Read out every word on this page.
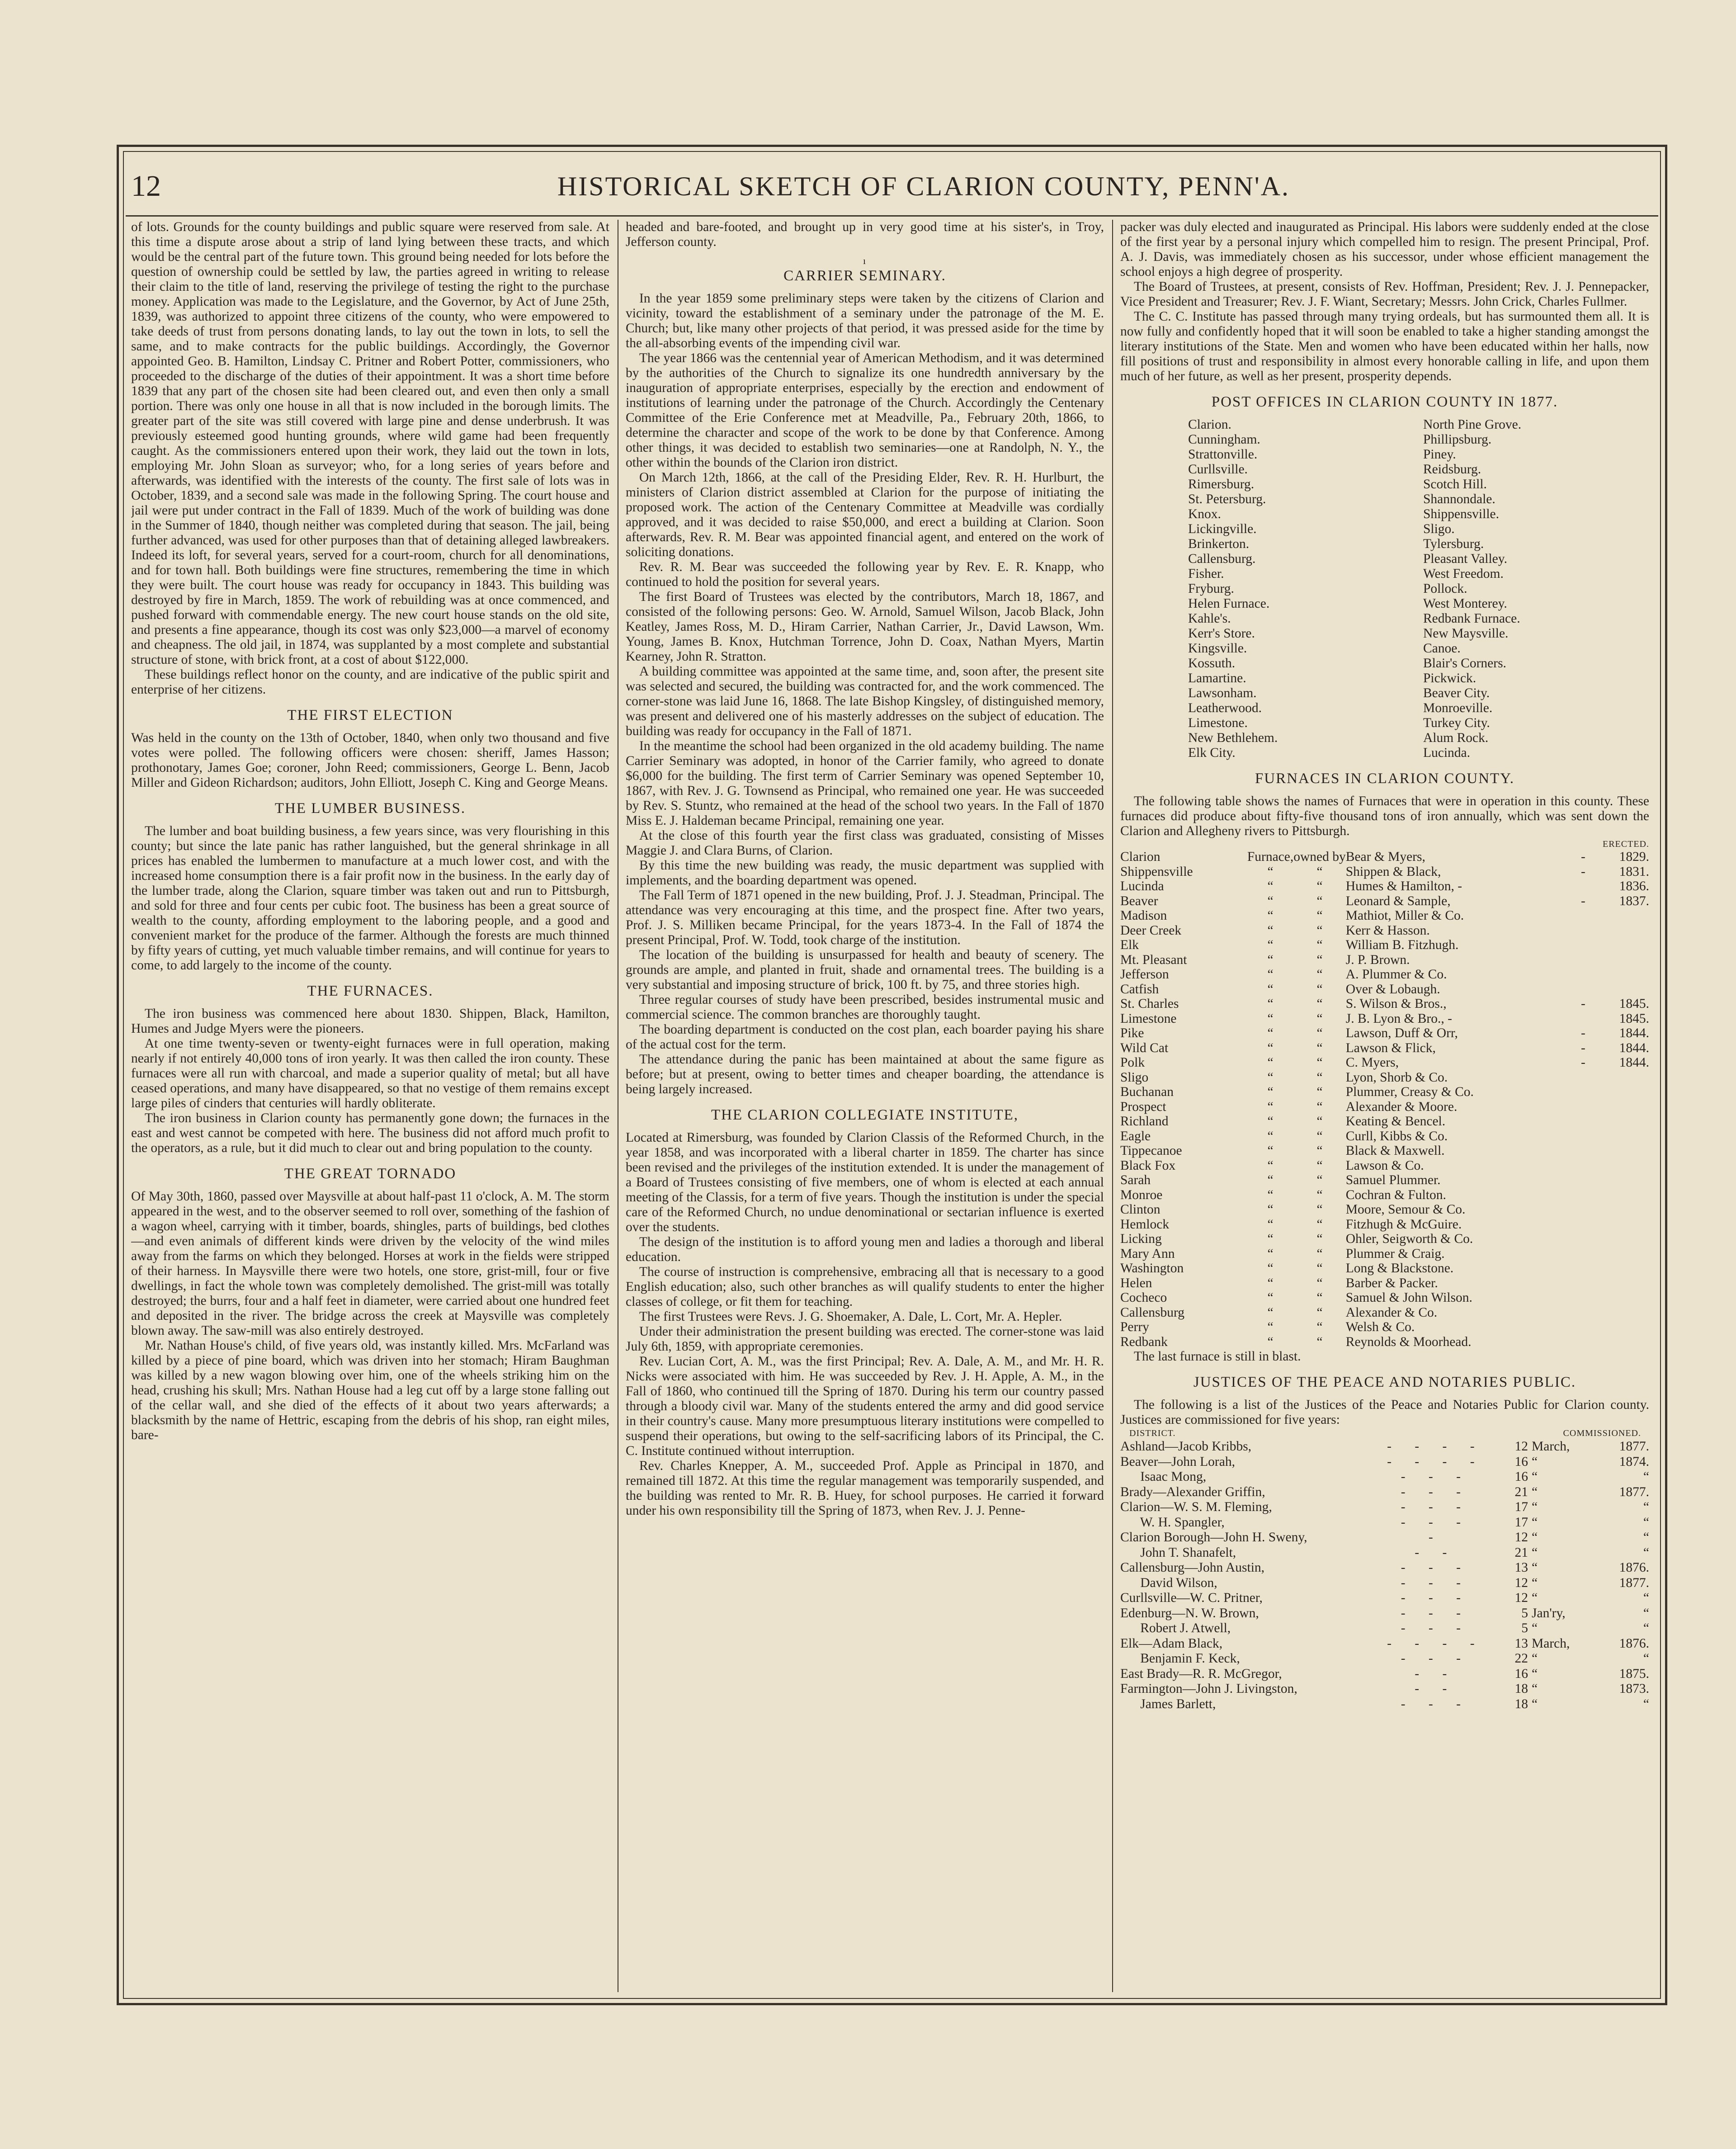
12	HISTORICAL SKETCH OF CLARION COUNTY, PENN'A.

of lots. Grounds for the county buildings and public square were reserved from sale. At this time a dispute arose about a strip of land lying between these tracts, and which would be the central part of the future town. This ground being needed for lots before the question of ownership could be settled by law, the parties agreed in writing to release their claim to the title of land, reserving the privilege of testing the right to the purchase money. Application was made to the Legislature, and the Governor, by Act of June 25th, 1839, was authorized to appoint three citizens of the county, who were empowered to take deeds of trust from persons donating lands, to lay out the town in lots, to sell the same, and to make contracts for the public buildings. Accordingly, the Governor appointed Geo. B. Hamilton, Lindsay C. Pritner and Robert Potter, commissioners, who proceeded to the discharge of the duties of their appointment. It was a short time before 1839 that any part of the chosen site had been cleared out, and even then only a small portion. There was only one house in all that is now included in the borough limits. The greater part of the site was still covered with large pine and dense underbrush. It was previously esteemed good hunting grounds, where wild game had been frequently caught. As the commissioners entered upon their work, they laid out the town in lots, employing Mr. John Sloan as surveyor; who, for a long series of years before and afterwards, was identified with the interests of the county. The first sale of lots was in October, 1839, and a second sale was made in the following Spring. The court house and jail were put under contract in the Fall of 1839. Much of the work of building was done in the Summer of 1840, though neither was completed during that season. The jail, being further advanced, was used for other purposes than that of detaining alleged lawbreakers. Indeed its loft, for several years, served for a court-room, church for all denominations, and for town hall. Both buildings were fine structures, remembering the time in which they were built. The court house was ready for occupancy in 1843. This building was destroyed by fire in March, 1859. The work of rebuilding was at once commenced, and pushed forward with commendable energy. The new court house stands on the old site, and presents a fine appearance, though its cost was only $23,000—a marvel of economy and cheapness. The old jail, in 1874, was supplanted by a most complete and substantial structure of stone, with brick front, at a cost of about $122,000.

These buildings reflect honor on the county, and are indicative of the public spirit and enterprise of her citizens.

THE FIRST ELECTION

Was held in the county on the 13th of October, 1840, when only two thousand and five votes were polled. The following officers were chosen: sheriff, James Hasson; prothonotary, James Goe; coroner, John Reed; commissioners, George L. Benn, Jacob Miller and Gideon Richardson; auditors, John Elliott, Joseph C. King and George Means.

THE LUMBER BUSINESS.

The lumber and boat building business, a few years since, was very flourishing in this county; but since the late panic has rather languished, but the general shrinkage in all prices has enabled the lumbermen to manufacture at a much lower cost, and with the increased home consumption there is a fair profit now in the business. In the early day of the lumber trade, along the Clarion, square timber was taken out and run to Pittsburgh, and sold for three and four cents per cubic foot. The business has been a great source of wealth to the county, affording employment to the laboring people, and a good and convenient market for the produce of the farmer. Although the forests are much thinned by fifty years of cutting, yet much valuable timber remains, and will continue for years to come, to add largely to the income of the county.

THE FURNACES.

The iron business was commenced here about 1830. Shippen, Black, Hamilton, Humes and Judge Myers were the pioneers.

At one time twenty-seven or twenty-eight furnaces were in full operation, making nearly if not entirely 40,000 tons of iron yearly. It was then called the iron county. These furnaces were all run with charcoal, and made a superior quality of metal; but all have ceased operations, and many have disappeared, so that no vestige of them remains except large piles of cinders that centuries will hardly obliterate.

The iron business in Clarion county has permanently gone down; the furnaces in the east and west cannot be competed with here. The business did not afford much profit to the operators, as a rule, but it did much to clear out and bring population to the county.

THE GREAT TORNADO

Of May 30th, 1860, passed over Maysville at about half-past 11 o'clock, A. M. The storm appeared in the west, and to the observer seemed to roll over, something of the fashion of a wagon wheel, carrying with it timber, boards, shingles, parts of buildings, bed clothes—and even animals of different kinds were driven by the velocity of the wind miles away from the farms on which they belonged. Horses at work in the fields were stripped of their harness. In Maysville there were two hotels, one store, grist-mill, four or five dwellings, in fact the whole town was completely demolished. The grist-mill was totally destroyed; the burrs, four and a half feet in diameter, were carried about one hundred feet and deposited in the river. The bridge across the creek at Maysville was completely blown away. The saw-mill was also entirely destroyed.

Mr. Nathan House's child, of five years old, was instantly killed. Mrs. McFarland was killed by a piece of pine board, which was driven into her stomach; Hiram Baughman was killed by a new wagon blowing over him, one of the wheels striking him on the head, crushing his skull; Mrs. Nathan House had a leg cut off by a large stone falling out of the cellar wall, and she died of the effects of it about two years afterwards; a blacksmith by the name of Hettric, escaping from the debris of his shop, ran eight miles, bare-

headed and bare-footed, and brought up in very good time at his sister's, in Troy, Jefferson county.

ı
CARRIER SEMINARY.

In the year 1859 some preliminary steps were taken by the citizens of Clarion and vicinity, toward the establishment of a seminary under the patronage of the M. E. Church; but, like many other projects of that period, it was pressed aside for the time by the all-absorbing events of the impending civil war.

The year 1866 was the centennial year of American Methodism, and it was determined by the authorities of the Church to signalize its one hundredth anniversary by the inauguration of appropriate enterprises, especially by the erection and endowment of institutions of learning under the patronage of the Church. Accordingly the Centenary Committee of the Erie Conference met at Meadville, Pa., February 20th, 1866, to determine the character and scope of the work to be done by that Conference. Among other things, it was decided to establish two seminaries—one at Randolph, N. Y., the other within the bounds of the Clarion iron district.

On March 12th, 1866, at the call of the Presiding Elder, Rev. R. H. Hurlburt, the ministers of Clarion district assembled at Clarion for the purpose of initiating the proposed work. The action of the Centenary Committee at Meadville was cordially approved, and it was decided to raise $50,000, and erect a building at Clarion. Soon afterwards, Rev. R. M. Bear was appointed financial agent, and entered on the work of soliciting donations.

Rev. R. M. Bear was succeeded the following year by Rev. E. R. Knapp, who continued to hold the position for several years.

The first Board of Trustees was elected by the contributors, March 18, 1867, and consisted of the following persons: Geo. W. Arnold, Samuel Wilson, Jacob Black, John Keatley, James Ross, M. D., Hiram Carrier, Nathan Carrier, Jr., David Lawson, Wm. Young, James B. Knox, Hutchman Torrence, John D. Coax, Nathan Myers, Martin Kearney, John R. Stratton.

A building committee was appointed at the same time, and, soon after, the present site was selected and secured, the building was contracted for, and the work commenced. The corner-stone was laid June 16, 1868. The late Bishop Kingsley, of distinguished memory, was present and delivered one of his masterly addresses on the subject of education. The building was ready for occupancy in the Fall of 1871.

In the meantime the school had been organized in the old academy building. The name Carrier Seminary was adopted, in honor of the Carrier family, who agreed to donate $6,000 for the building. The first term of Carrier Seminary was opened September 10, 1867, with Rev. J. G. Townsend as Principal, who remained one year. He was succeeded by Rev. S. Stuntz, who remained at the head of the school two years. In the Fall of 1870 Miss E. J. Haldeman became Principal, remaining one year.

At the close of this fourth year the first class was graduated, consisting of Misses Maggie J. and Clara Burns, of Clarion.

By this time the new building was ready, the music department was supplied with implements, and the boarding department was opened.

The Fall Term of 1871 opened in the new building, Prof. J. J. Steadman, Principal. The attendance was very encouraging at this time, and the prospect fine. After two years, Prof. J. S. Milliken became Principal, for the years 1873-4. In the Fall of 1874 the present Principal, Prof. W. Todd, took charge of the institution.

The location of the building is unsurpassed for health and beauty of scenery. The grounds are ample, and planted in fruit, shade and ornamental trees. The building is a very substantial and imposing structure of brick, 100 ft. by 75, and three stories high.

Three regular courses of study have been prescribed, besides instrumental music and commercial science. The common branches are thoroughly taught.

The boarding department is conducted on the cost plan, each boarder paying his share of the actual cost for the term.

The attendance during the panic has been maintained at about the same figure as before; but at present, owing to better times and cheaper boarding, the attendance is being largely increased.

THE CLARION COLLEGIATE INSTITUTE,

Located at Rimersburg, was founded by Clarion Classis of the Reformed Church, in the year 1858, and was incorporated with a liberal charter in 1859. The charter has since been revised and the privileges of the institution extended. It is under the management of a Board of Trustees consisting of five members, one of whom is elected at each annual meeting of the Classis, for a term of five years. Though the institution is under the special care of the Reformed Church, no undue denominational or sectarian influence is exerted over the students.

The design of the institution is to afford young men and ladies a thorough and liberal education.

The course of instruction is comprehensive, embracing all that is necessary to a good English education; also, such other branches as will qualify students to enter the higher classes of college, or fit them for teaching.

The first Trustees were Revs. J. G. Shoemaker, A. Dale, L. Cort, Mr. A. Hepler.

Under their administration the present building was erected. The corner-stone was laid July 6th, 1859, with appropriate ceremonies.

Rev. Lucian Cort, A. M., was the first Principal; Rev. A. Dale, A. M., and Mr. H. R. Nicks were associated with him. He was succeeded by Rev. J. H. Apple, A. M., in the Fall of 1860, who continued till the Spring of 1870. During his term our country passed through a bloody civil war. Many of the students entered the army and did good service in their country's cause. Many more presumptuous literary institutions were compelled to suspend their operations, but owing to the self-sacrificing labors of its Principal, the C. C. Institute continued without interruption.

Rev. Charles Knepper, A. M., succeeded Prof. Apple as Principal in 1870, and remained till 1872. At this time the regular management was temporarily suspended, and the building was rented to Mr. R. B. Huey, for school purposes. He carried it forward under his own responsibility till the Spring of 1873, when Rev. J. J. Penne-

packer was duly elected and inaugurated as Principal. His labors were suddenly ended at the close of the first year by a personal injury which compelled him to resign. The present Principal, Prof. A. J. Davis, was immediately chosen as his successor, under whose efficient management the school enjoys a high degree of prosperity.

The Board of Trustees, at present, consists of Rev. Hoffman, President; Rev. J. J. Pennepacker, Vice President and Treasurer; Rev. J. F. Wiant, Secretary; Messrs. John Crick, Charles Fullmer.

The C. C. Institute has passed through many trying ordeals, but has surmounted them all. It is now fully and confidently hoped that it will soon be enabled to take a higher standing amongst the literary institutions of the State. Men and women who have been educated within her halls, now fill positions of trust and responsibility in almost every honorable calling in life, and upon them much of her future, as well as her present, prosperity depends.

POST OFFICES IN CLARION COUNTY IN 1877.
Clarion.	North Pine Grove.
Cunningham.	Phillipsburg.
Strattonville.	Piney.
Curllsville.	Reidsburg.
Rimersburg.	Scotch Hill.
St. Petersburg.	Shannondale.
Knox.	Shippensville.
Lickingville.	Sligo.
Brinkerton.	Tylersburg.
Callensburg.	Pleasant Valley.
Fisher.	West Freedom.
Fryburg.	Pollock.
Helen Furnace.	West Monterey.
Kahle's.	Redbank Furnace.
Kerr's Store.	New Maysville.
Kingsville.	Canoe.
Kossuth.	Blair's Corners.
Lamartine.	Pickwick.
Lawsonham.	Beaver City.
Leatherwood.	Monroeville.
Limestone.	Turkey City.
New Bethlehem.	Alum Rock.
Elk City.	Lucinda.
FURNACES IN CLARION COUNTY.

The following table shows the names of Furnaces that were in operation in this county. These furnaces did produce about fifty-five thousand tons of iron annually, which was sent down the Clarion and Allegheny rivers to Pittsburgh.

ERECTED.
Clarion	Furnace,	owned by	Bear & Myers,	-	1829.
Shippensville	“	“	Shippen & Black,	-	1831.
Lucinda	“	“	Humes & Hamilton, -		1836.
Beaver	“	“	Leonard & Sample,	-	1837.
Madison	“	“	Mathiot, Miller & Co.		
Deer Creek	“	“	Kerr & Hasson.		
Elk	“	“	William B. Fitzhugh.		
Mt. Pleasant	“	“	J. P. Brown.		
Jefferson	“	“	A. Plummer & Co.		
Catfish	“	“	Over & Lobaugh.		
St. Charles	“	“	S. Wilson & Bros.,	-	1845.
Limestone	“	“	J. B. Lyon & Bro., -		1845.
Pike	“	“	Lawson, Duff & Orr,	-	1844.
Wild Cat	“	“	Lawson & Flick,	-	1844.
Polk	“	“	C. Myers,	-	1844.
Sligo	“	“	Lyon, Shorb & Co.		
Buchanan	“	“	Plummer, Creasy & Co.		
Prospect	“	“	Alexander & Moore.		
Richland	“	“	Keating & Bencel.		
Eagle	“	“	Curll, Kibbs & Co.		
Tippecanoe	“	“	Black & Maxwell.		
Black Fox	“	“	Lawson & Co.		
Sarah	“	“	Samuel Plummer.		
Monroe	“	“	Cochran & Fulton.		
Clinton	“	“	Moore, Semour & Co.		
Hemlock	“	“	Fitzhugh & McGuire.		
Licking	“	“	Ohler, Seigworth & Co.		
Mary Ann	“	“	Plummer & Craig.		
Washington	“	“	Long & Blackstone.		
Helen	“	“	Barber & Packer.		
Cocheco	“	“	Samuel & John Wilson.		
Callensburg	“	“	Alexander & Co.		
Perry	“	“	Welsh & Co.		
Redbank	“	“	Reynolds & Moorhead.		

The last furnace is still in blast.

JUSTICES OF THE PEACE AND NOTARIES PUBLIC.

The following is a list of the Justices of the Peace and Notaries Public for Clarion county. Justices are commissioned for five years:

DISTRICT.	COMMISSIONED.
Ashland—Jacob Kribbs,	- - - -	12	March,	1877.
Beaver—John Lorah,	- - - -	16	“	1874.
Isaac Mong,	- - -	16	“	“
Brady—Alexander Griffin,	- - -	21	“	1877.
Clarion—W. S. M. Fleming,	- - -	17	“	“
W. H. Spangler,	- - -	17	“	“
Clarion Borough—John H. Sweny,	-	12	“	“
John T. Shanafelt,	- -	21	“	“
Callensburg—John Austin,	- - -	13	“	1876.
David Wilson,	- - -	12	“	1877.
Curllsville—W. C. Pritner,	- - -	12	“	“
Edenburg—N. W. Brown,	- - -	5	Jan'ry,	“
Robert J. Atwell,	- - -	5	“	“
Elk—Adam Black,	- - - -	13	March,	1876.
Benjamin F. Keck,	- - -	22	“	“
East Brady—R. R. McGregor,	- -	16	“	1875.
Farmington—John J. Livingston,	- -	18	“	1873.
James Barlett,	- - -	18	“	“
